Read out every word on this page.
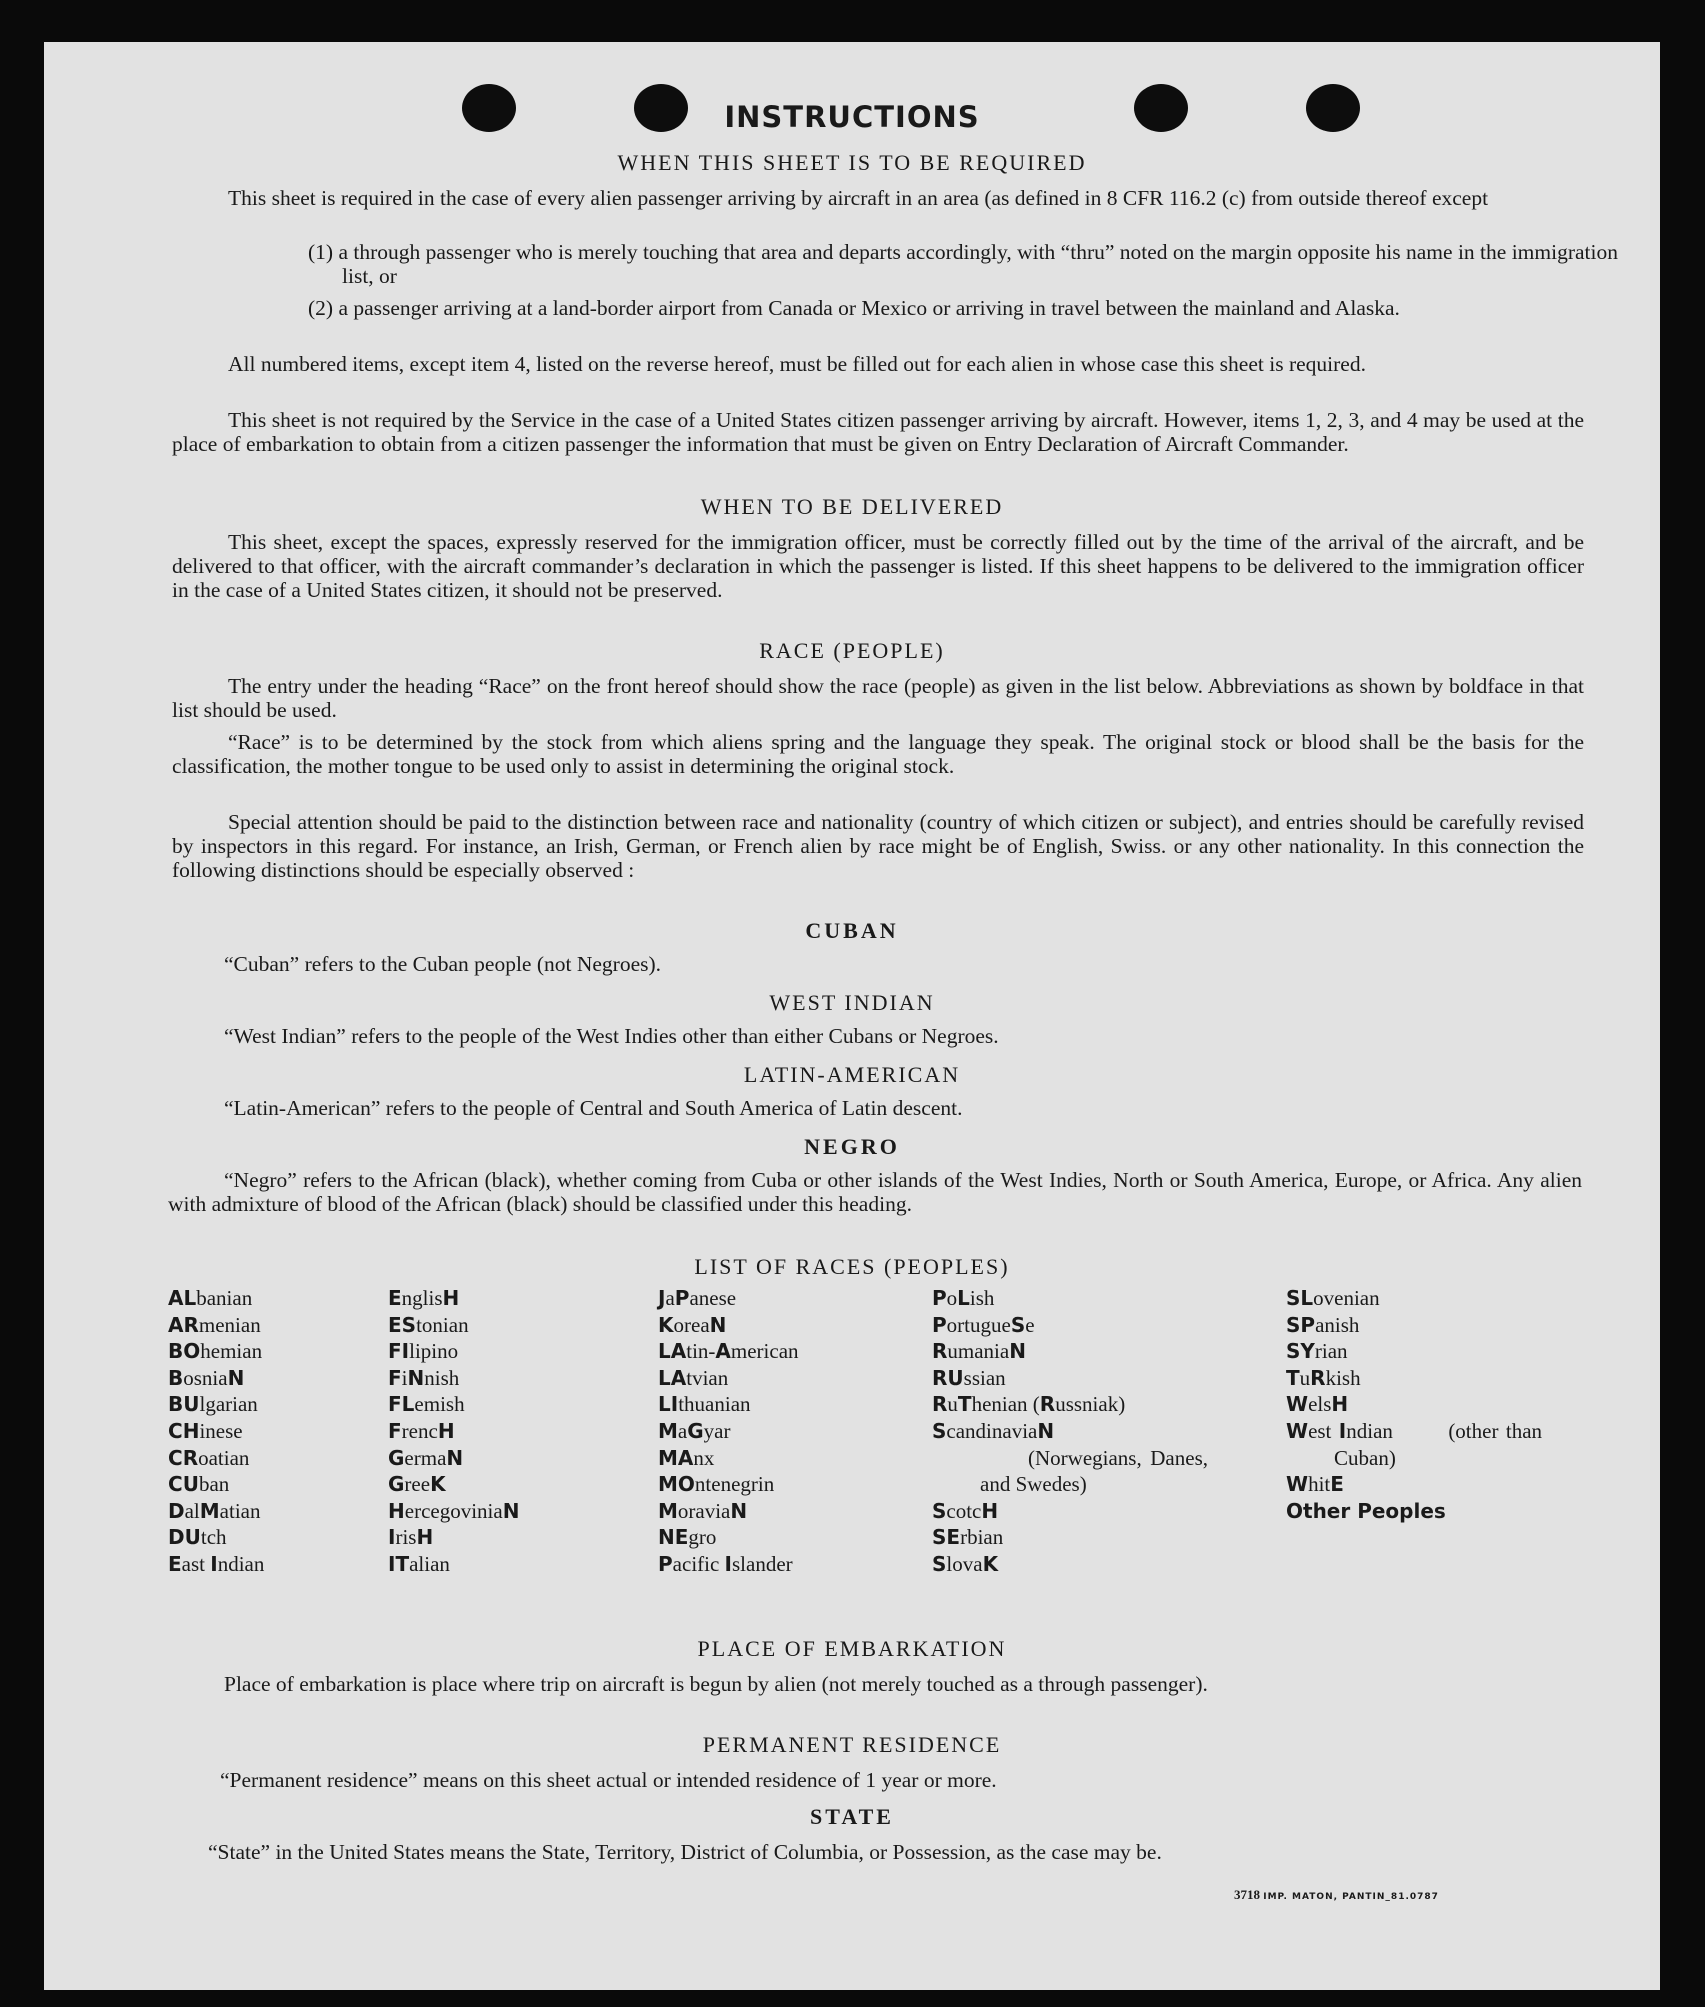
INSTRUCTIONS
WHEN THIS SHEET IS TO BE REQUIRED
This sheet is required in the case of every alien passenger arriving by aircraft in an area (as defined in 8 CFR 116.2 (c) from outside thereof except
(1) a through passenger who is merely touching that area and departs accordingly, with “thru” noted on the margin opposite his name in the immigration list, or
(2) a passenger arriving at a land-border airport from Canada or Mexico or arriving in travel between the mainland and Alaska.
All numbered items, except item 4, listed on the reverse hereof, must be filled out for each alien in whose case this sheet is required.
This sheet is not required by the Service in the case of a United States citizen passenger arriving by aircraft. However, items 1, 2, 3, and 4 may be used at the place of embarkation to obtain from a citizen passenger the information that must be given on Entry Declaration of Aircraft Commander.
WHEN TO BE DELIVERED
This sheet, except the spaces, expressly reserved for the immigration officer, must be correctly filled out by the time of the arrival of the aircraft, and be delivered to that officer, with the aircraft commander’s declaration in which the passenger is listed. If this sheet happens to be delivered to the immigration officer in the case of a United States citizen, it should not be preserved.
RACE (PEOPLE)
The entry under the heading “Race” on the front hereof should show the race (people) as given in the list below. Abbreviations as shown by boldface in that list should be used.
“Race” is to be determined by the stock from which aliens spring and the language they speak. The original stock or blood shall be the basis for the classification, the mother tongue to be used only to assist in determining the original stock.
Special attention should be paid to the distinction between race and nationality (country of which citizen or subject), and entries should be carefully revised by inspectors in this regard. For instance, an Irish, German, or French alien by race might be of English, Swiss. or any other nationality. In this connection the following distinctions should be especially observed :
CUBAN
“Cuban” refers to the Cuban people (not Negroes).
WEST INDIAN
“West Indian” refers to the people of the West Indies other than either Cubans or Negroes.
LATIN-AMERICAN
“Latin-American” refers to the people of Central and South America of Latin descent.
NEGRO
“Negro” refers to the African (black), whether coming from Cuba or other islands of the West Indies, North or South America, Europe, or Africa. Any alien with admixture of blood of the African (black) should be classified under this heading.
LIST OF RACES (PEOPLES)
ALbanian
ARmenian
BOhemian
BosniaN
BUlgarian
CHinese
CRoatian
CUban
DalMatian
DUtch
East Indian
EnglisH
EStonian
FIlipino
FiNnish
FLemish
FrencH
GermaN
GreeK
HercegoviniaN
IrisH
ITalian
JaPanese
KoreaN
LAtin-American
LAtvian
LIthuanian
MaGyar
MAnx
MOntenegrin
MoraviaN
NEgro
Pacific Islander
PoLish
PortugueSe
RumaniaN
RUssian
RuThenian (Russniak)
ScandinaviaN (Norwegians, Danes, and Swedes)
ScotcH
SErbian
SlovaK
SLovenian
SPanish
SYrian
TuRkish
WelsH
West Indian (other than Cuban)
WhitE
Other Peoples
PLACE OF EMBARKATION
Place of embarkation is place where trip on aircraft is begun by alien (not merely touched as a through passenger).
PERMANENT RESIDENCE
“Permanent residence” means on this sheet actual or intended residence of 1 year or more.
STATE
“State” in the United States means the State, Territory, District of Columbia, or Possession, as the case may be.
3718 IMP. MATON, PANTIN_81.0787
